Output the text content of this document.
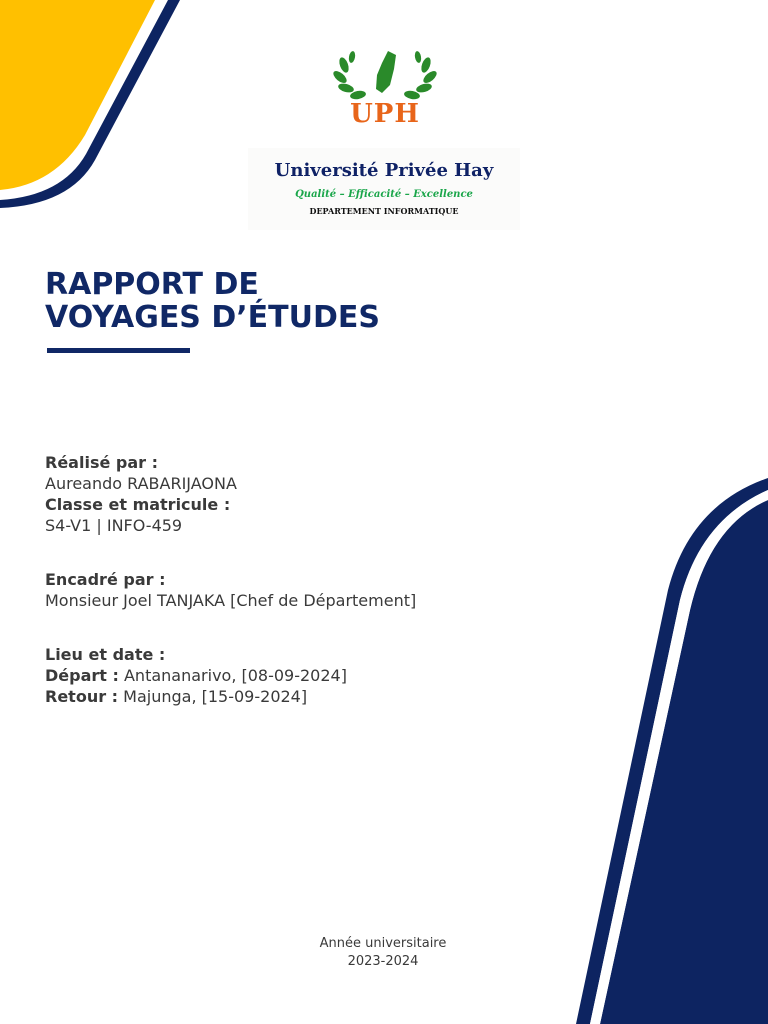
UPH
Université Privée Hay
Qualité – Efficacité – Excellence
DEPARTEMENT INFORMATIQUE
RAPPORT DE
VOYAGES D’ÉTUDES
Réalisé par :
Aureando RABARIJAONA
Classe et matricule :
S4-V1 | INFO-459
Encadré par :
Monsieur Joel TANJAKA [Chef de Département]
Lieu et date :
Départ : Antananarivo, [08-09-2024]
Retour : Majunga, [15-09-2024]
Année universitaire
2023-2024
